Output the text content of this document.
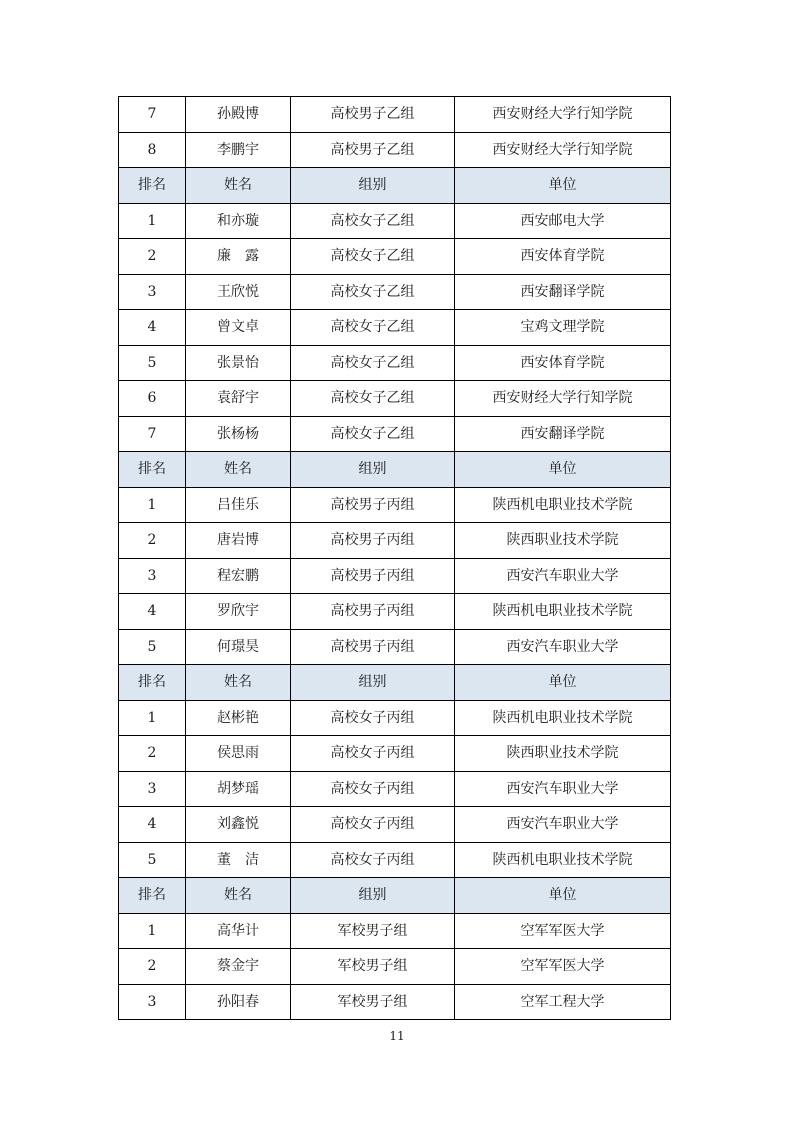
7	孙殿博	高校男子乙组	西安财经大学行知学院
8	李鹏宇	高校男子乙组	西安财经大学行知学院
排名	姓名	组别	单位
1	和亦璇	高校女子乙组	西安邮电大学
2	廉　露	高校女子乙组	西安体育学院
3	王欣悦	高校女子乙组	西安翻译学院
4	曾文卓	高校女子乙组	宝鸡文理学院
5	张景怡	高校女子乙组	西安体育学院
6	袁舒宇	高校女子乙组	西安财经大学行知学院
7	张杨杨	高校女子乙组	西安翻译学院
排名	姓名	组别	单位
1	吕佳乐	高校男子丙组	陕西机电职业技术学院
2	唐岩博	高校男子丙组	陕西职业技术学院
3	程宏鹏	高校男子丙组	西安汽车职业大学
4	罗欣宇	高校男子丙组	陕西机电职业技术学院
5	何璟昊	高校男子丙组	西安汽车职业大学
排名	姓名	组别	单位
1	赵彬艳	高校女子丙组	陕西机电职业技术学院
2	侯思雨	高校女子丙组	陕西职业技术学院
3	胡梦瑶	高校女子丙组	西安汽车职业大学
4	刘鑫悦	高校女子丙组	西安汽车职业大学
5	董　洁	高校女子丙组	陕西机电职业技术学院
排名	姓名	组别	单位
1	高华计	军校男子组	空军军医大学
2	蔡金宇	军校男子组	空军军医大学
3	孙阳春	军校男子组	空军工程大学
11
